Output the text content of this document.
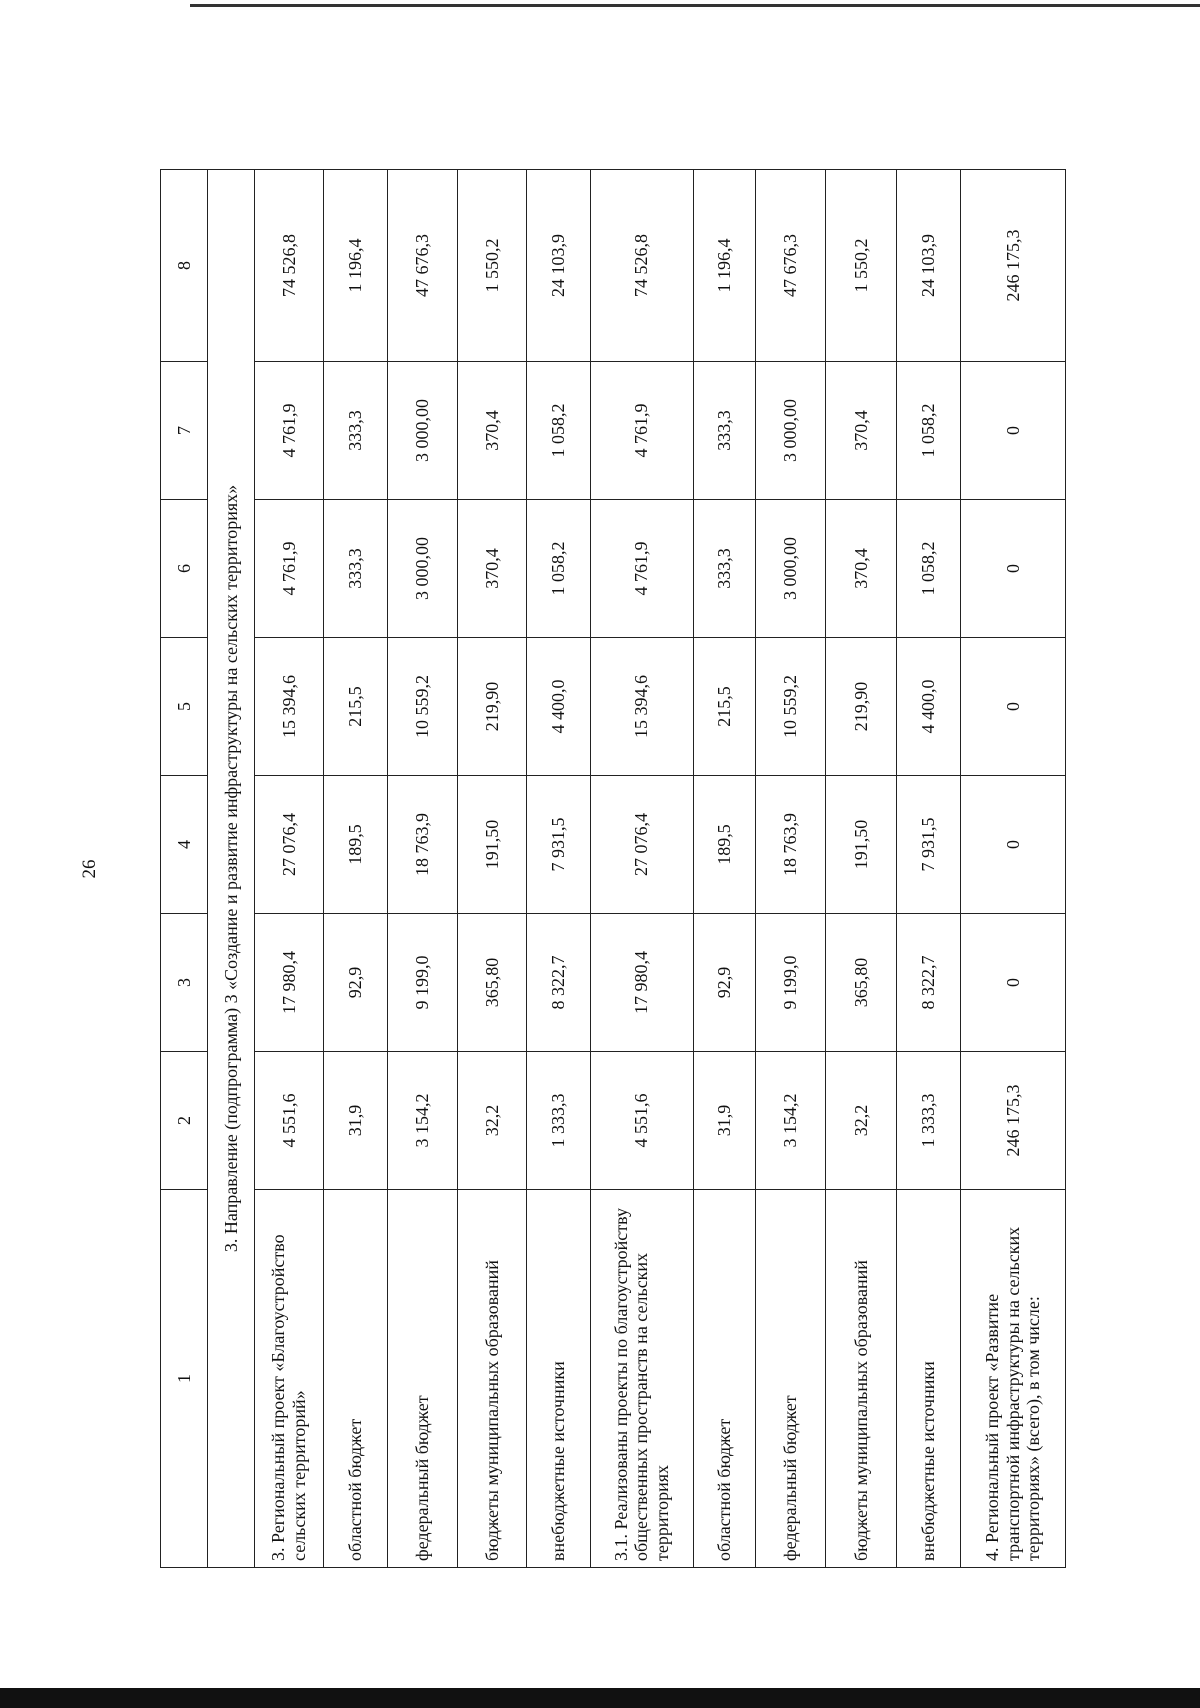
26
1	2	3	4	5	6	7	8
3. Направление (подпрограмма) 3 «Создание и развитие инфраструктуры на сельских территориях»							
3. Региональный проект «Благоустройство сельских территорий»	4 551,6	17 980,4	27 076,4	15 394,6	4 761,9	4 761,9	74 526,8
областной бюджет	31,9	92,9	189,5	215,5	333,3	333,3	1 196,4
федеральный бюджет	3 154,2	9 199,0	18 763,9	10 559,2	3 000,00	3 000,00	47 676,3
бюджеты муниципальных образований	32,2	365,80	191,50	219,90	370,4	370,4	1 550,2
внебюджетные источники	1 333,3	8 322,7	7 931,5	4 400,0	1 058,2	1 058,2	24 103,9
3.1. Реализованы проекты по благоустройству общественных пространств на сельских территориях	4 551,6	17 980,4	27 076,4	15 394,6	4 761,9	4 761,9	74 526,8
областной бюджет	31,9	92,9	189,5	215,5	333,3	333,3	1 196,4
федеральный бюджет	3 154,2	9 199,0	18 763,9	10 559,2	3 000,00	3 000,00	47 676,3
бюджеты муниципальных образований	32,2	365,80	191,50	219,90	370,4	370,4	1 550,2
внебюджетные источники	1 333,3	8 322,7	7 931,5	4 400,0	1 058,2	1 058,2	24 103,9
4. Региональный проект «Развитие транспортной инфраструктуры на сельских территориях» (всего), в том числе:	246 175,3	0	0	0	0	0	246 175,3
